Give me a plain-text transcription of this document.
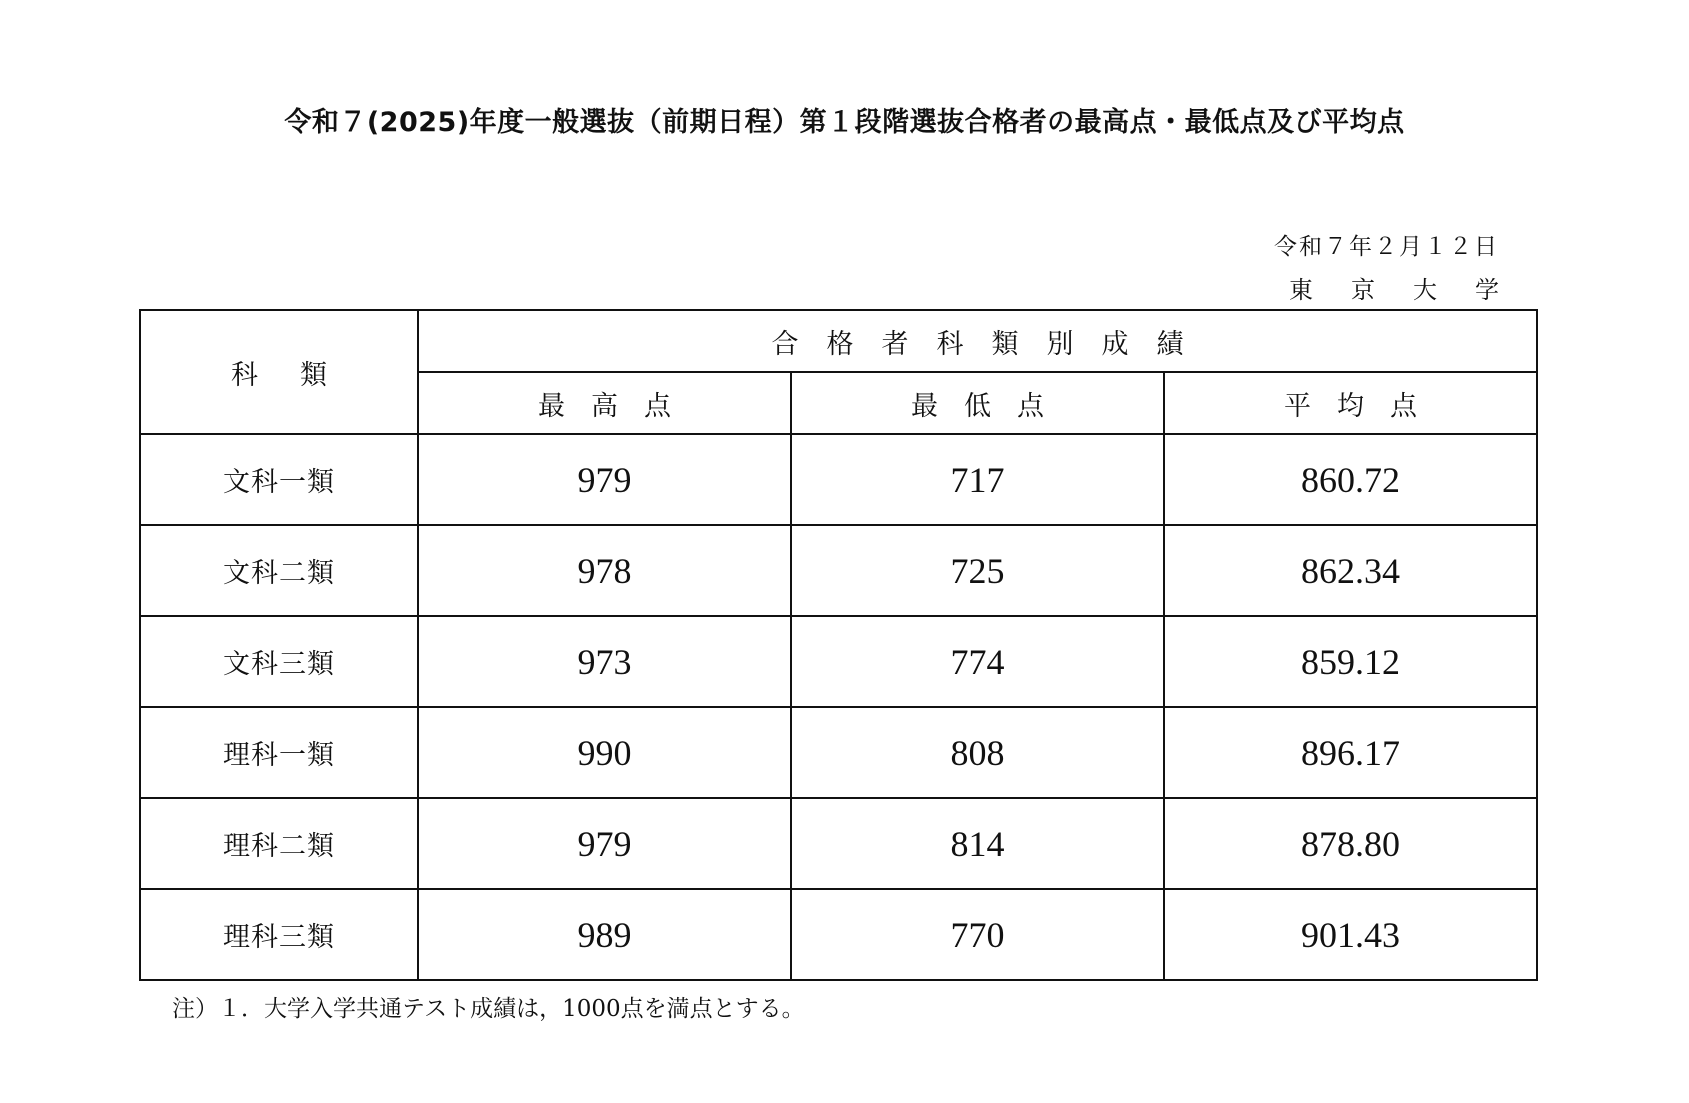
令和７(2025)年度一般選抜（前期日程）第１段階選抜合格者の最高点・最低点及び平均点
令和７年２月１２日
東京大学
科類	合格者科類別成績		
	最高点	最低点	平均点
文科一類	979	717	860.72
文科二類	978	725	862.34
文科三類	973	774	859.12
理科一類	990	808	896.17
理科二類	979	814	878.80
理科三類	989	770	901.43
注）１．大学入学共通テスト成績は，1000点を満点とする。
